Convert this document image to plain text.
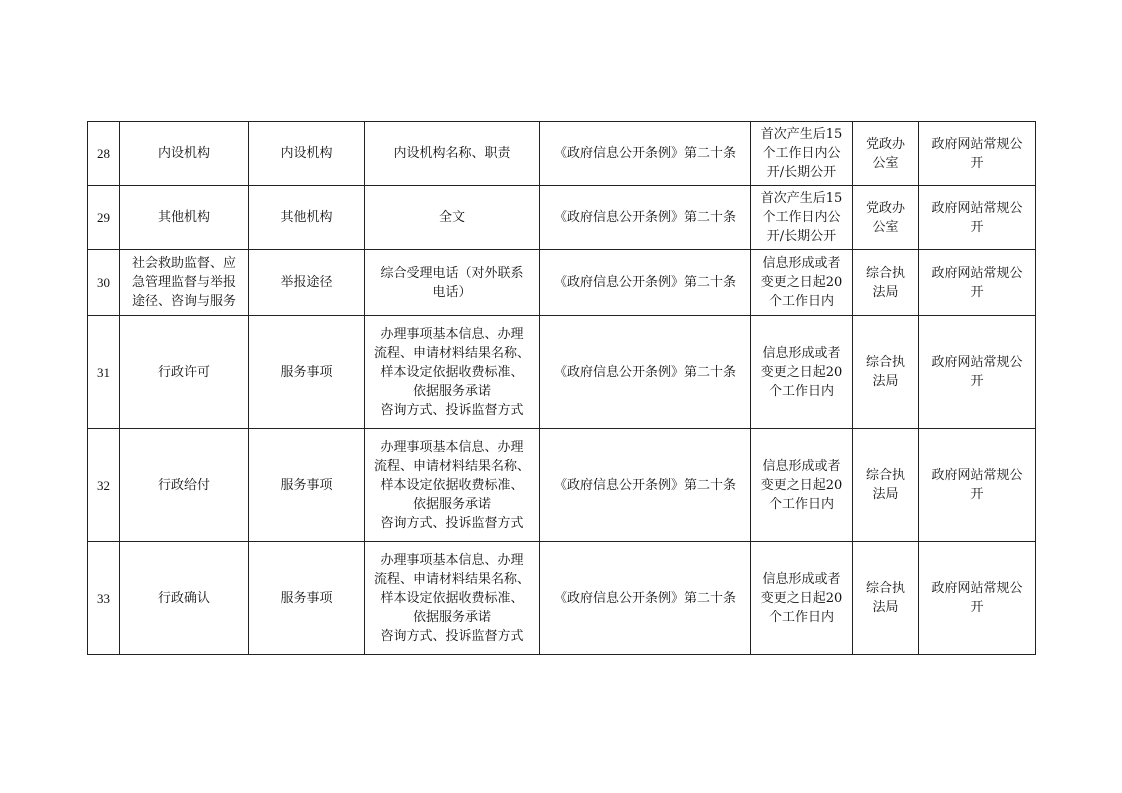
28	内设机构	内设机构	内设机构名称、职责	《政府信息公开条例》第二十条	首次产生后15
个工作日内公
开/长期公开	党政办
公室	政府网站常规公
开
29	其他机构	其他机构	全文	《政府信息公开条例》第二十条	首次产生后15
个工作日内公
开/长期公开	党政办
公室	政府网站常规公
开
30	社会救助监督、应
急管理监督与举报
途径、咨询与服务	举报途径	综合受理电话（对外联系
电话）	《政府信息公开条例》第二十条	信息形成或者
变更之日起20
个工作日内	综合执
法局	政府网站常规公
开
31	行政许可	服务事项	办理事项基本信息、办理
流程、申请材料结果名称、
样本设定依据收费标准、
依据服务承诺
咨询方式、投诉监督方式	《政府信息公开条例》第二十条	信息形成或者
变更之日起20
个工作日内	综合执
法局	政府网站常规公
开
32	行政给付	服务事项	办理事项基本信息、办理
流程、申请材料结果名称、
样本设定依据收费标准、
依据服务承诺
咨询方式、投诉监督方式	《政府信息公开条例》第二十条	信息形成或者
变更之日起20
个工作日内	综合执
法局	政府网站常规公
开
33	行政确认	服务事项	办理事项基本信息、办理
流程、申请材料结果名称、
样本设定依据收费标准、
依据服务承诺
咨询方式、投诉监督方式	《政府信息公开条例》第二十条	信息形成或者
变更之日起20
个工作日内	综合执
法局	政府网站常规公
开
